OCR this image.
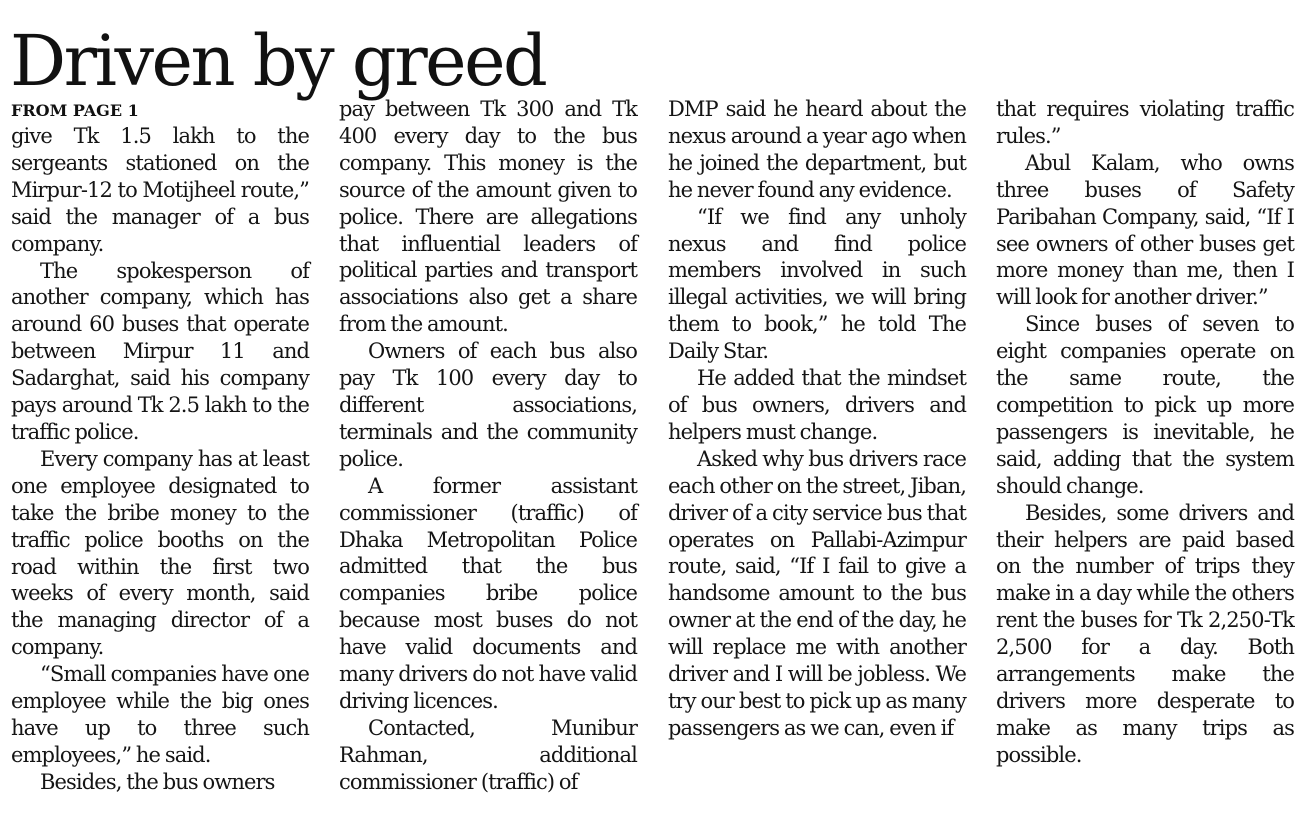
Driven by greed
FROM PAGE 1

give Tk 1.5 lakh to the sergeants stationed on the Mirpur-12 to Motijheel route,” said the manager of a bus company.

The spokesperson of another company, which has around 60 buses that operate between Mirpur 11 and Sadarghat, said his company pays around Tk 2.5 lakh to the traffic police.

Every company has at least one employee designated to take the bribe money to the traffic police booths on the road within the first two weeks of every month, said the managing director of a company.

“Small companies have one employee while the big ones have up to three such employees,” he said.

Besides, the bus owners

pay between Tk 300 and Tk 400 every day to the bus company. This money is the source of the amount given to police. There are allegations that influential leaders of political parties and transport associations also get a share from the amount.

Owners of each bus also pay Tk 100 every day to different associations, terminals and the community police.

A former assistant commissioner (traffic) of Dhaka Metropolitan Police admitted that the bus companies bribe police because most buses do not have valid documents and many drivers do not have valid driving licences.

Contacted, Munibur Rahman, additional commissioner (traffic) of

DMP said he heard about the nexus around a year ago when he joined the department, but he never found any evidence.

“If we find any unholy nexus and find police members involved in such illegal activities, we will bring them to book,” he told The Daily Star.

He added that the mindset of bus owners, drivers and helpers must change.

Asked why bus drivers race each other on the street, Jiban, driver of a city service bus that operates on Pallabi-Azimpur route, said, “If I fail to give a handsome amount to the bus owner at the end of the day, he will replace me with another driver and I will be jobless. We try our best to pick up as many passengers as we can, even if

that requires violating traffic rules.”

Abul Kalam, who owns three buses of Safety Paribahan Company, said, “If I see owners of other buses get more money than me, then I will look for another driver.”

Since buses of seven to eight companies operate on the same route, the competition to pick up more passengers is inevitable, he said, adding that the system should change.

Besides, some drivers and their helpers are paid based on the number of trips they make in a day while the others rent the buses for Tk 2,250-Tk 2,500 for a day. Both arrangements make the drivers more desperate to make as many trips as possible.
